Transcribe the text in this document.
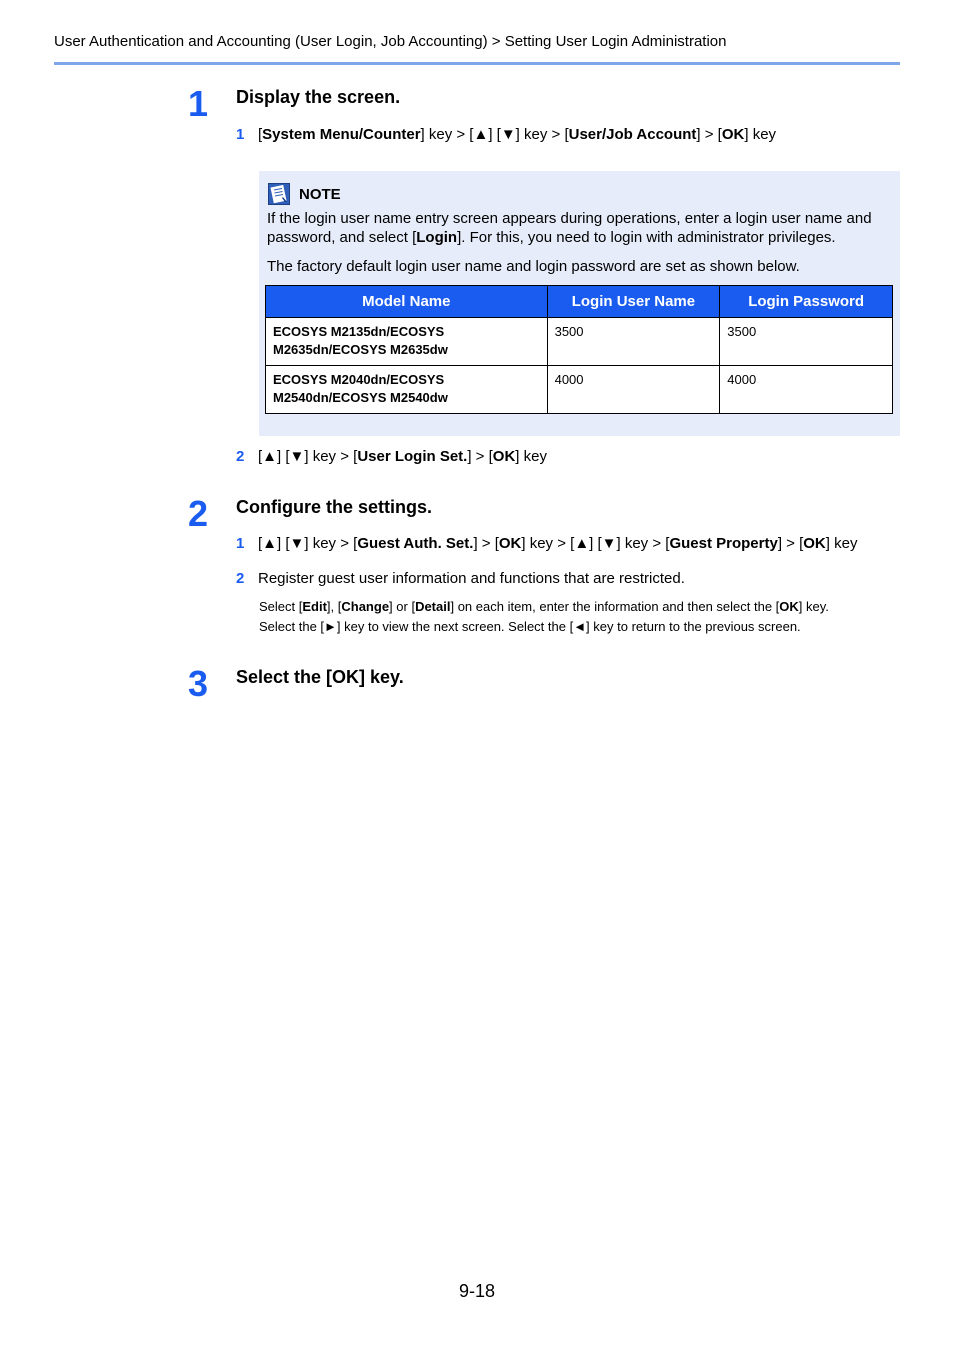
User Authentication and Accounting (User Login, Job Accounting) > Setting User Login Administration
1 Display the screen.
1 [System Menu/Counter] key > [▲] [▼] key > [User/Job Account] > [OK] key
NOTE
If the login user name entry screen appears during operations, enter a login user name and password, and select [Login]. For this, you need to login with administrator privileges.
The factory default login user name and login password are set as shown below.
Model Name	Login User Name	Login Password
ECOSYS M2135dn/ECOSYS M2635dn/ECOSYS M2635dw	3500	3500
ECOSYS M2040dn/ECOSYS M2540dn/ECOSYS M2540dw	4000	4000
2 [▲] [▼] key > [User Login Set.] > [OK] key
2 Configure the settings.
1 [▲] [▼] key > [Guest Auth. Set.] > [OK] key > [▲] [▼] key > [Guest Property] > [OK] key
2 Register guest user information and functions that are restricted.
Select [Edit], [Change] or [Detail] on each item, enter the information and then select the [OK] key.
Select the [►] key to view the next screen. Select the [◄] key to return to the previous screen.
3 Select the [OK] key.
9-18
